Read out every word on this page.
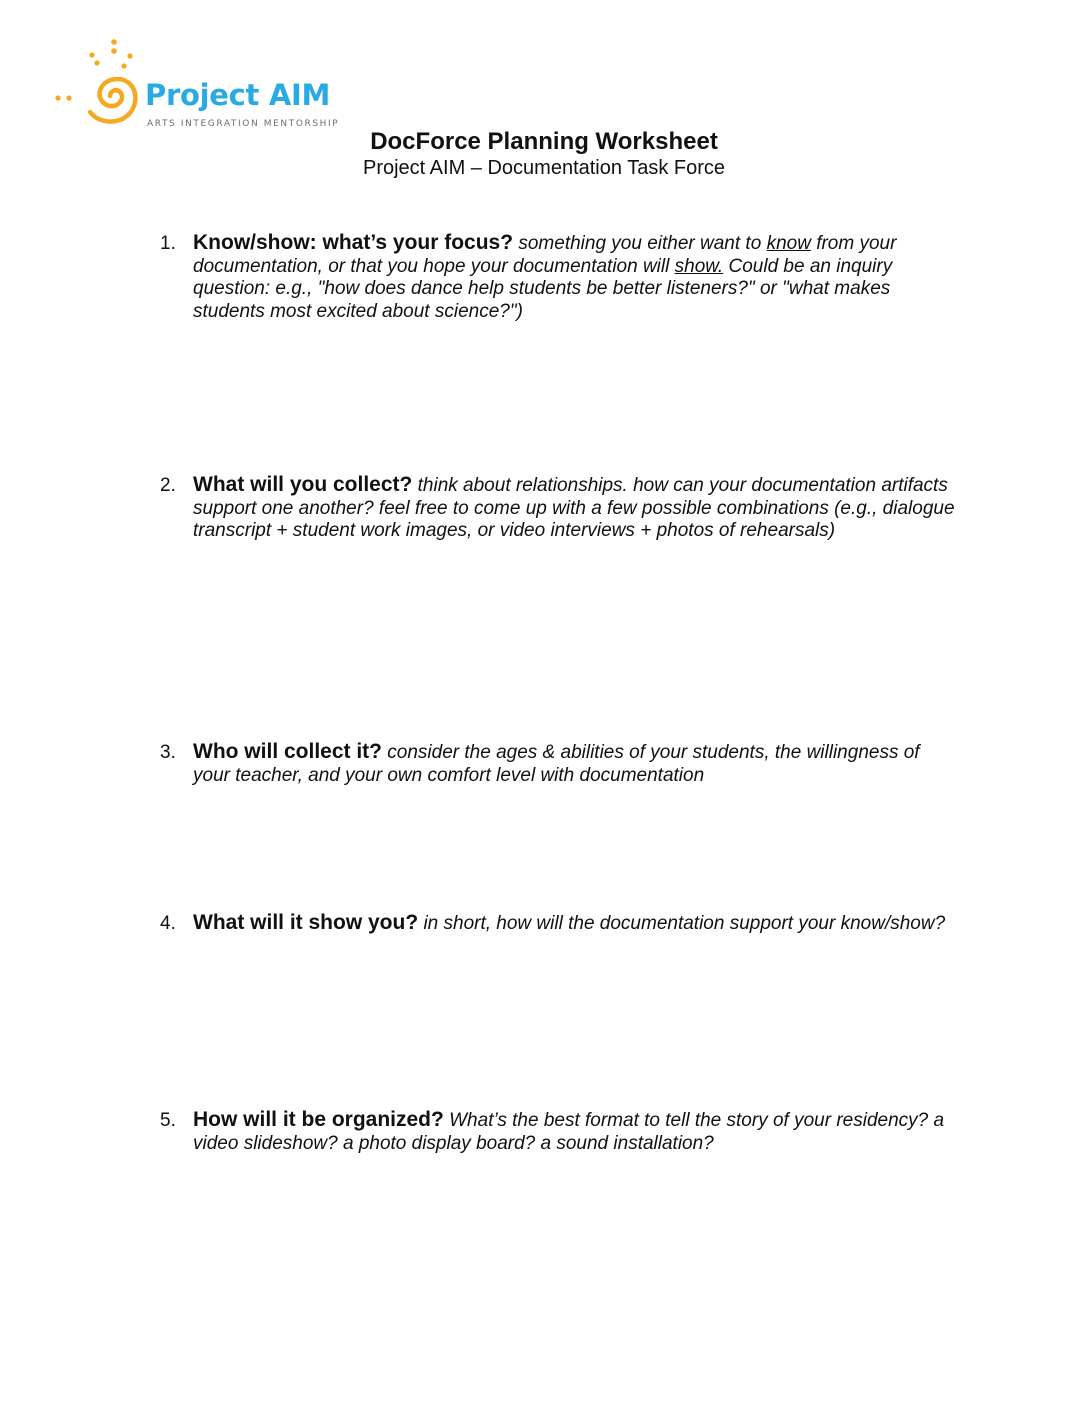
Project AIM
ARTS INTEGRATION MENTORSHIP
DocForce Planning Worksheet
Project AIM – Documentation Task Force
1. Know/show: what’s your focus? something you either want to know from your documentation, or that you hope your documentation will show. Could be an inquiry question: e.g., "how does dance help students be better listeners?" or "what makes students most excited about science?")
2. What will you collect? think about relationships. how can your documentation artifacts support one another? feel free to come up with a few possible combinations (e.g., dialogue transcript + student work images, or video interviews + photos of rehearsals)
3. Who will collect it? consider the ages & abilities of your students, the willingness of your teacher, and your own comfort level with documentation
4. What will it show you? in short, how will the documentation support your know/show?
5. How will it be organized? What’s the best format to tell the story of your residency? a video slideshow? a photo display board? a sound installation?
